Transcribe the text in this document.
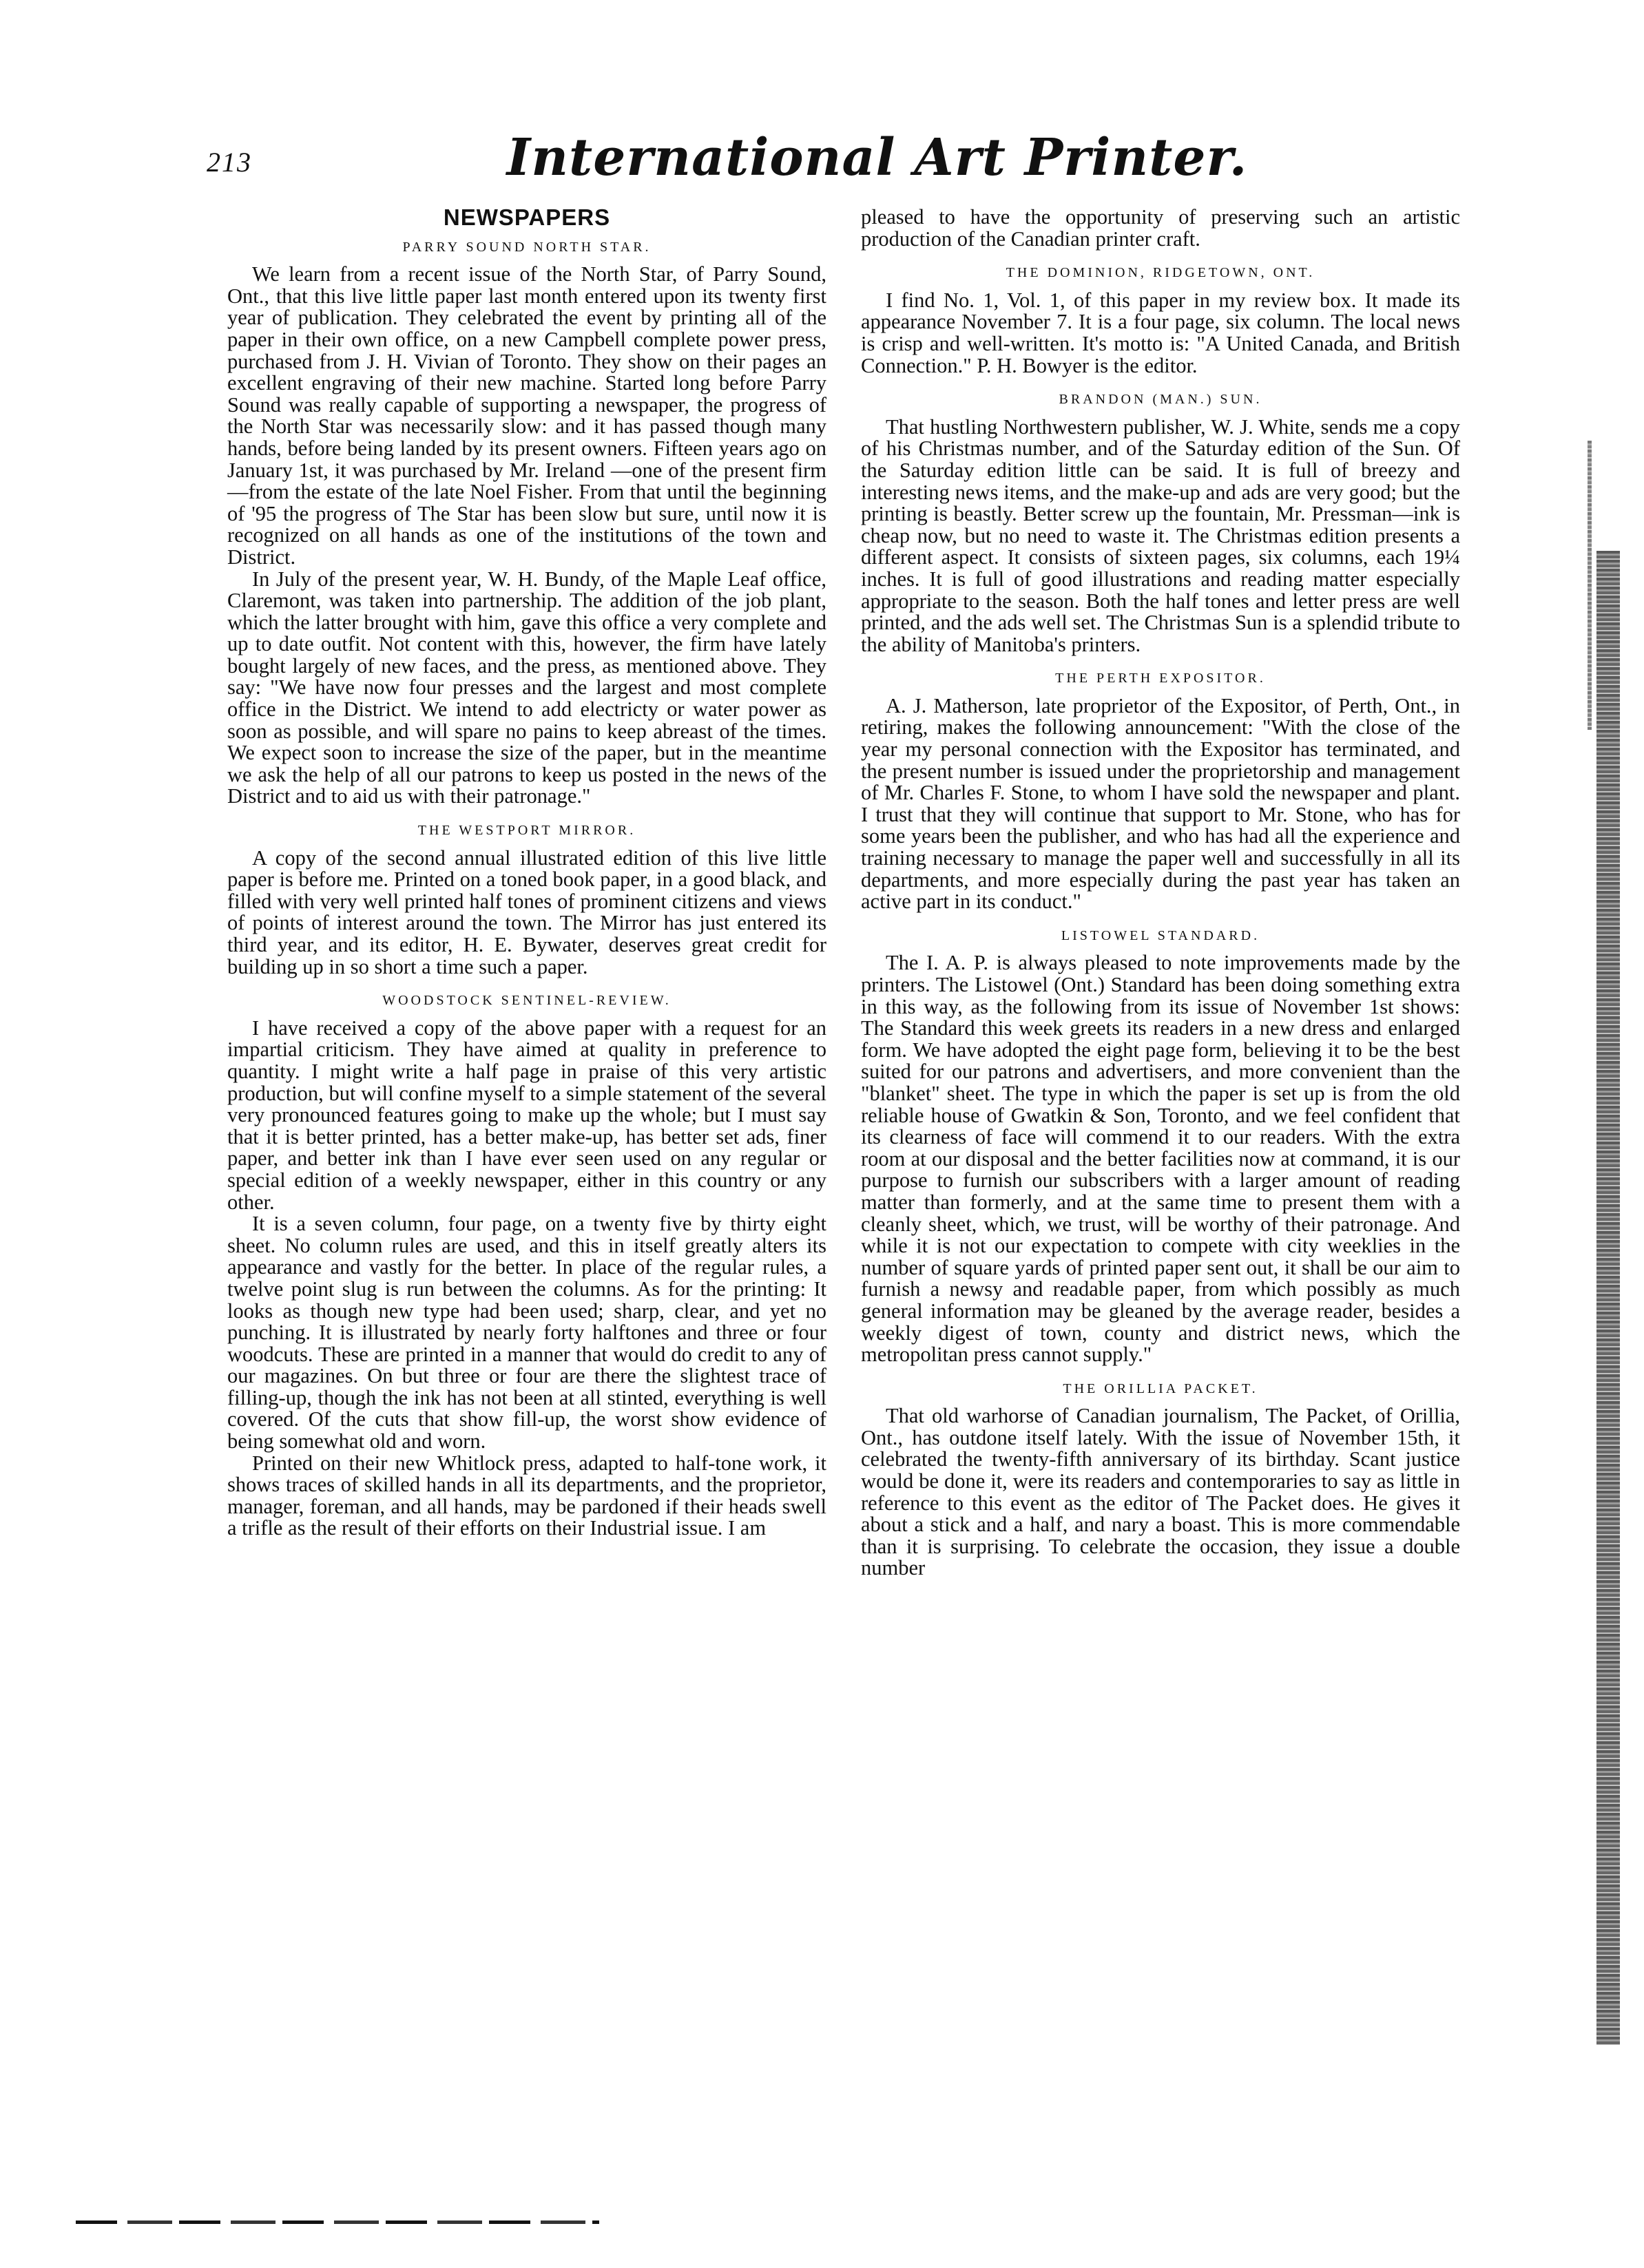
213	International Art Printer.
NEWSPAPERS
PARRY SOUND NORTH STAR.

We learn from a recent issue of the North Star, of Parry Sound, Ont., that this live little paper last month entered upon its twenty first year of publication. They celebrated the event by printing all of the paper in their own office, on a new Campbell complete power press, purchased from J. H. Vivian of Toronto. They show on their pages an excellent engraving of their new machine. Started long before Parry Sound was really capable of supporting a newspaper, the progress of the North Star was necessarily slow: and it has passed though many hands, before being landed by its present owners. Fifteen years ago on January 1st, it was purchased by Mr. Ireland —one of the present firm—from the estate of the late Noel Fisher. From that until the beginning of '95 the progress of The Star has been slow but sure, until now it is recognized on all hands as one of the institutions of the town and District.

In July of the present year, W. H. Bundy, of the Maple Leaf office, Claremont, was taken into partnership. The addition of the job plant, which the latter brought with him, gave this office a very complete and up to date outfit. Not content with this, however, the firm have lately bought largely of new faces, and the press, as mentioned above. They say: "We have now four presses and the largest and most complete office in the District. We intend to add electricty or water power as soon as possible, and will spare no pains to keep abreast of the times. We expect soon to increase the size of the paper, but in the meantime we ask the help of all our patrons to keep us posted in the news of the District and to aid us with their patronage."

THE WESTPORT MIRROR.

A copy of the second annual illustrated edition of this live little paper is before me. Printed on a toned book paper, in a good black, and filled with very well printed half tones of prominent citizens and views of points of interest around the town. The Mirror has just entered its third year, and its editor, H. E. Bywater, deserves great credit for building up in so short a time such a paper.

WOODSTOCK SENTINEL-REVIEW.

I have received a copy of the above paper with a request for an impartial criticism. They have aimed at quality in preference to quantity. I might write a half page in praise of this very artistic production, but will confine myself to a simple statement of the several very pronounced features going to make up the whole; but I must say that it is better printed, has a better make-up, has better set ads, finer paper, and better ink than I have ever seen used on any regular or special edition of a weekly newspaper, either in this country or any other.

It is a seven column, four page, on a twenty five by thirty eight sheet. No column rules are used, and this in itself greatly alters its appearance and vastly for the better. In place of the regular rules, a twelve point slug is run between the columns. As for the printing: It looks as though new type had been used; sharp, clear, and yet no punching. It is illustrated by nearly forty halftones and three or four woodcuts. These are printed in a manner that would do credit to any of our magazines. On but three or four are there the slightest trace of filling-up, though the ink has not been at all stinted, everything is well covered. Of the cuts that show fill-up, the worst show evidence of being somewhat old and worn.

Printed on their new Whitlock press, adapted to half-tone work, it shows traces of skilled hands in all its departments, and the proprietor, manager, foreman, and all hands, may be pardoned if their heads swell a trifle as the result of their efforts on their Industrial issue. I am

pleased to have the opportunity of preserving such an artistic production of the Canadian printer craft.

THE DOMINION, RIDGETOWN, ONT.

I find No. 1, Vol. 1, of this paper in my review box. It made its appearance November 7. It is a four page, six column. The local news is crisp and well-written. It's motto is: "A United Canada, and British Connection." P. H. Bowyer is the editor.

BRANDON (MAN.) SUN.

That hustling Northwestern publisher, W. J. White, sends me a copy of his Christmas number, and of the Saturday edition of the Sun. Of the Saturday edition little can be said. It is full of breezy and interesting news items, and the make-up and ads are very good; but the printing is beastly. Better screw up the fountain, Mr. Pressman—ink is cheap now, but no need to waste it. The Christmas edition presents a different aspect. It consists of sixteen pages, six columns, each 19¼ inches. It is full of good illustrations and reading matter especially appropriate to the season. Both the half tones and letter press are well printed, and the ads well set. The Christmas Sun is a splendid tribute to the ability of Manitoba's printers.

THE PERTH EXPOSITOR.

A. J. Matherson, late proprietor of the Expositor, of Perth, Ont., in retiring, makes the following announcement: "With the close of the year my personal connection with the Expositor has terminated, and the present number is issued under the proprietorship and management of Mr. Charles F. Stone, to whom I have sold the newspaper and plant. I trust that they will continue that support to Mr. Stone, who has for some years been the publisher, and who has had all the experience and training necessary to manage the paper well and successfully in all its departments, and more especially during the past year has taken an active part in its conduct."

LISTOWEL STANDARD.

The I. A. P. is always pleased to note improvements made by the printers. The Listowel (Ont.) Standard has been doing something extra in this way, as the following from its issue of November 1st shows: The Standard this week greets its readers in a new dress and enlarged form. We have adopted the eight page form, believing it to be the best suited for our patrons and advertisers, and more convenient than the "blanket" sheet. The type in which the paper is set up is from the old reliable house of Gwatkin & Son, Toronto, and we feel confident that its clearness of face will commend it to our readers. With the extra room at our disposal and the better facilities now at command, it is our purpose to furnish our subscribers with a larger amount of reading matter than formerly, and at the same time to present them with a cleanly sheet, which, we trust, will be worthy of their patronage. And while it is not our expectation to compete with city weeklies in the number of square yards of printed paper sent out, it shall be our aim to furnish a newsy and readable paper, from which possibly as much general information may be gleaned by the average reader, besides a weekly digest of town, county and district news, which the metropolitan press cannot supply."

THE ORILLIA PACKET.

That old warhorse of Canadian journalism, The Packet, of Orillia, Ont., has outdone itself lately. With the issue of November 15th, it celebrated the twenty-fifth anniversary of its birthday. Scant justice would be done it, were its readers and contemporaries to say as little in reference to this event as the editor of The Packet does. He gives it about a stick and a half, and nary a boast. This is more commendable than it is surprising. To celebrate the occasion, they issue a double number
